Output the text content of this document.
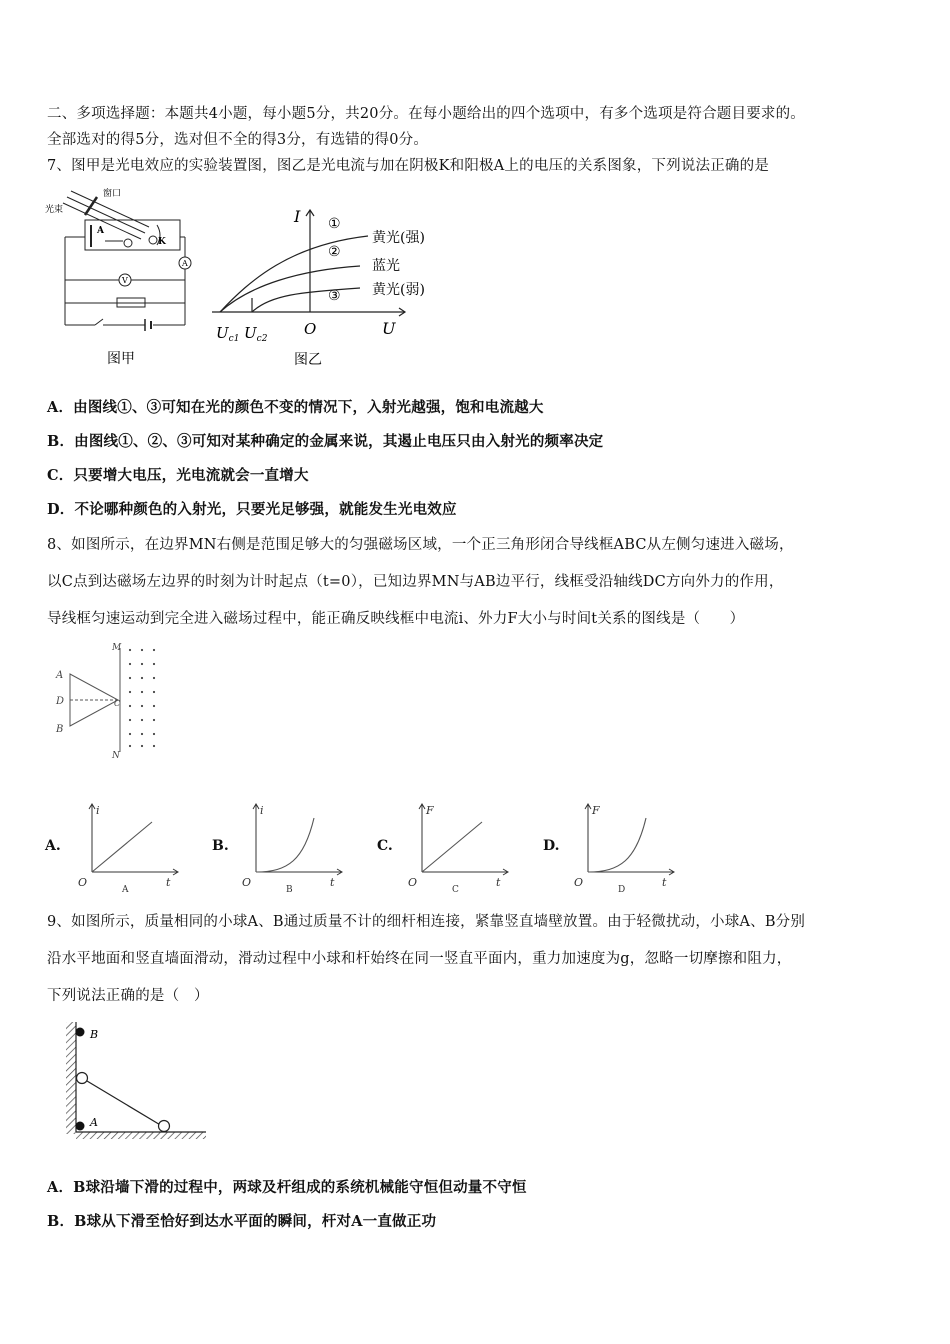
二、多项选择题：本题共4小题，每小题5分，共20分。在每小题给出的四个选项中，有多个选项是符合题目要求的。
全部选对的得5分，选对但不全的得3分，有选错的得0分。
7、图甲是光电效应的实验装置图，图乙是光电流与加在阴极K和阳极A上的电压的关系图象，下列说法正确的是
光束
窗口
A
K
V
A
图甲
I
U
O
$U_{c1}$ $U_{c2}$
①
②
③
黄光(强)
蓝光
黄光(弱)
图乙
A．由图线①、③可知在光的颜色不变的情况下，入射光越强，饱和电流越大
B．由图线①、②、③可知对某种确定的金属来说，其遏止电压只由入射光的频率决定
C．只要增大电压，光电流就会一直增大
D．不论哪种颜色的入射光，只要光足够强，就能发生光电效应
8、如图所示，在边界MN右侧是范围足够大的匀强磁场区域，一个正三角形闭合导线框ABC从左侧匀速进入磁场，
以C点到达磁场左边界的时刻为计时起点（t=0），已知边界MN与AB边平行，线框受沿轴线DC方向外力的作用，
导线框匀速运动到完全进入磁场过程中，能正确反映线框中电流i、外力F大小与时间t关系的图线是（　　）
A
D
B
C
M
N
A.	B.	C.	D.
i
t
O
A
i
t
O
B
F
t
O
C
F
t
O
D
9、如图所示，质量相同的小球A、B通过质量不计的细杆相连接，紧靠竖直墙壁放置。由于轻微扰动，小球A、B分别
沿水平地面和竖直墙面滑动，滑动过程中小球和杆始终在同一竖直平面内，重力加速度为g，忽略一切摩擦和阻力，
下列说法正确的是（　）
B
A
A．B球沿墙下滑的过程中，两球及杆组成的系统机械能守恒但动量不守恒
B．B球从下滑至恰好到达水平面的瞬间，杆对A一直做正功
